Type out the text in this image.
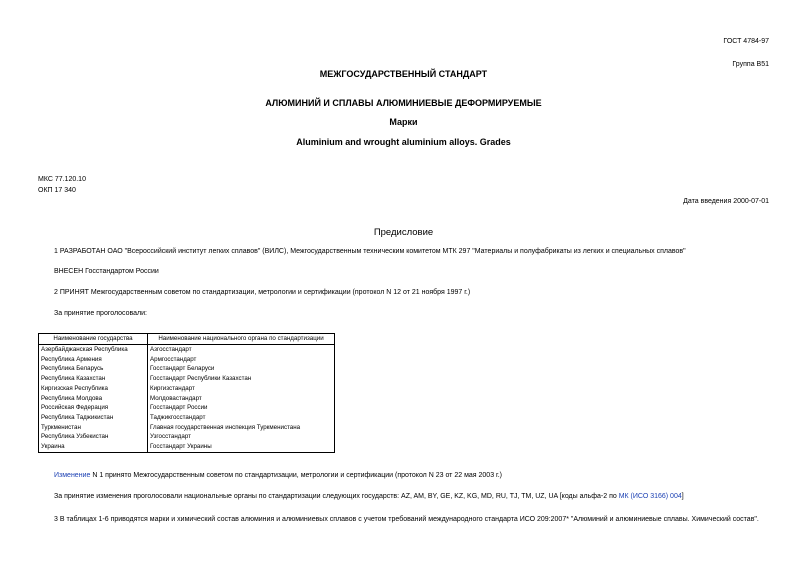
ГОСТ 4784-97
Группа В51
МЕЖГОСУДАРСТВЕННЫЙ СТАНДАРТ
АЛЮМИНИЙ И СПЛАВЫ АЛЮМИНИЕВЫЕ ДЕФОРМИРУЕМЫЕ
Марки
Aluminium and wrought aluminium alloys. Grades
МКС 77.120.10
ОКП 17 340
Дата введения 2000-07-01
Предисловие
1 РАЗРАБОТАН ОАО "Всероссийский институт легких сплавов" (ВИЛС), Межгосударственным техническим комитетом МТК 297 "Материалы и полуфабрикаты из легких и специальных сплавов"
ВНЕСЕН Госстандартом России
2 ПРИНЯТ Межгосударственным советом по стандартизации, метрологии и сертификации (протокол N 12 от 21 ноября 1997 г.)
За принятие проголосовали:
Наименование государства	Наименование национального органа по стандартизации
Азербайджанская Республика	Азгосстандарт
Республика Армения	Армгосстандарт
Республика Беларусь	Госстандарт Беларуси
Республика Казахстан	Госстандарт Республики Казахстан
Киргизская Республика	Киргизстандарт
Республика Молдова	Молдовастандарт
Российская Федерация	Госстандарт России
Республика Таджикистан	Таджикгосстандарт
Туркменистан	Главная государственная инспекция Туркменистана
Республика Узбекистан	Узгосстандарт
Украина	Госстандарт Украины
Изменение N 1 принято Межгосударственным советом по стандартизации, метрологии и сертификации (протокол N 23 от 22 мая 2003 г.)
За принятие изменения проголосовали национальные органы по стандартизации следующих государств: AZ, AM, BY, GE, KZ, KG, MD, RU, TJ, TM, UZ, UA [коды альфа-2 по МК (ИСО 3166) 004]
3 В таблицах 1-6 приводятся марки и химический состав алюминия и алюминиевых сплавов с учетом требований международного стандарта ИСО 209:2007* "Алюминий и алюминиевые сплавы. Химический состав".
